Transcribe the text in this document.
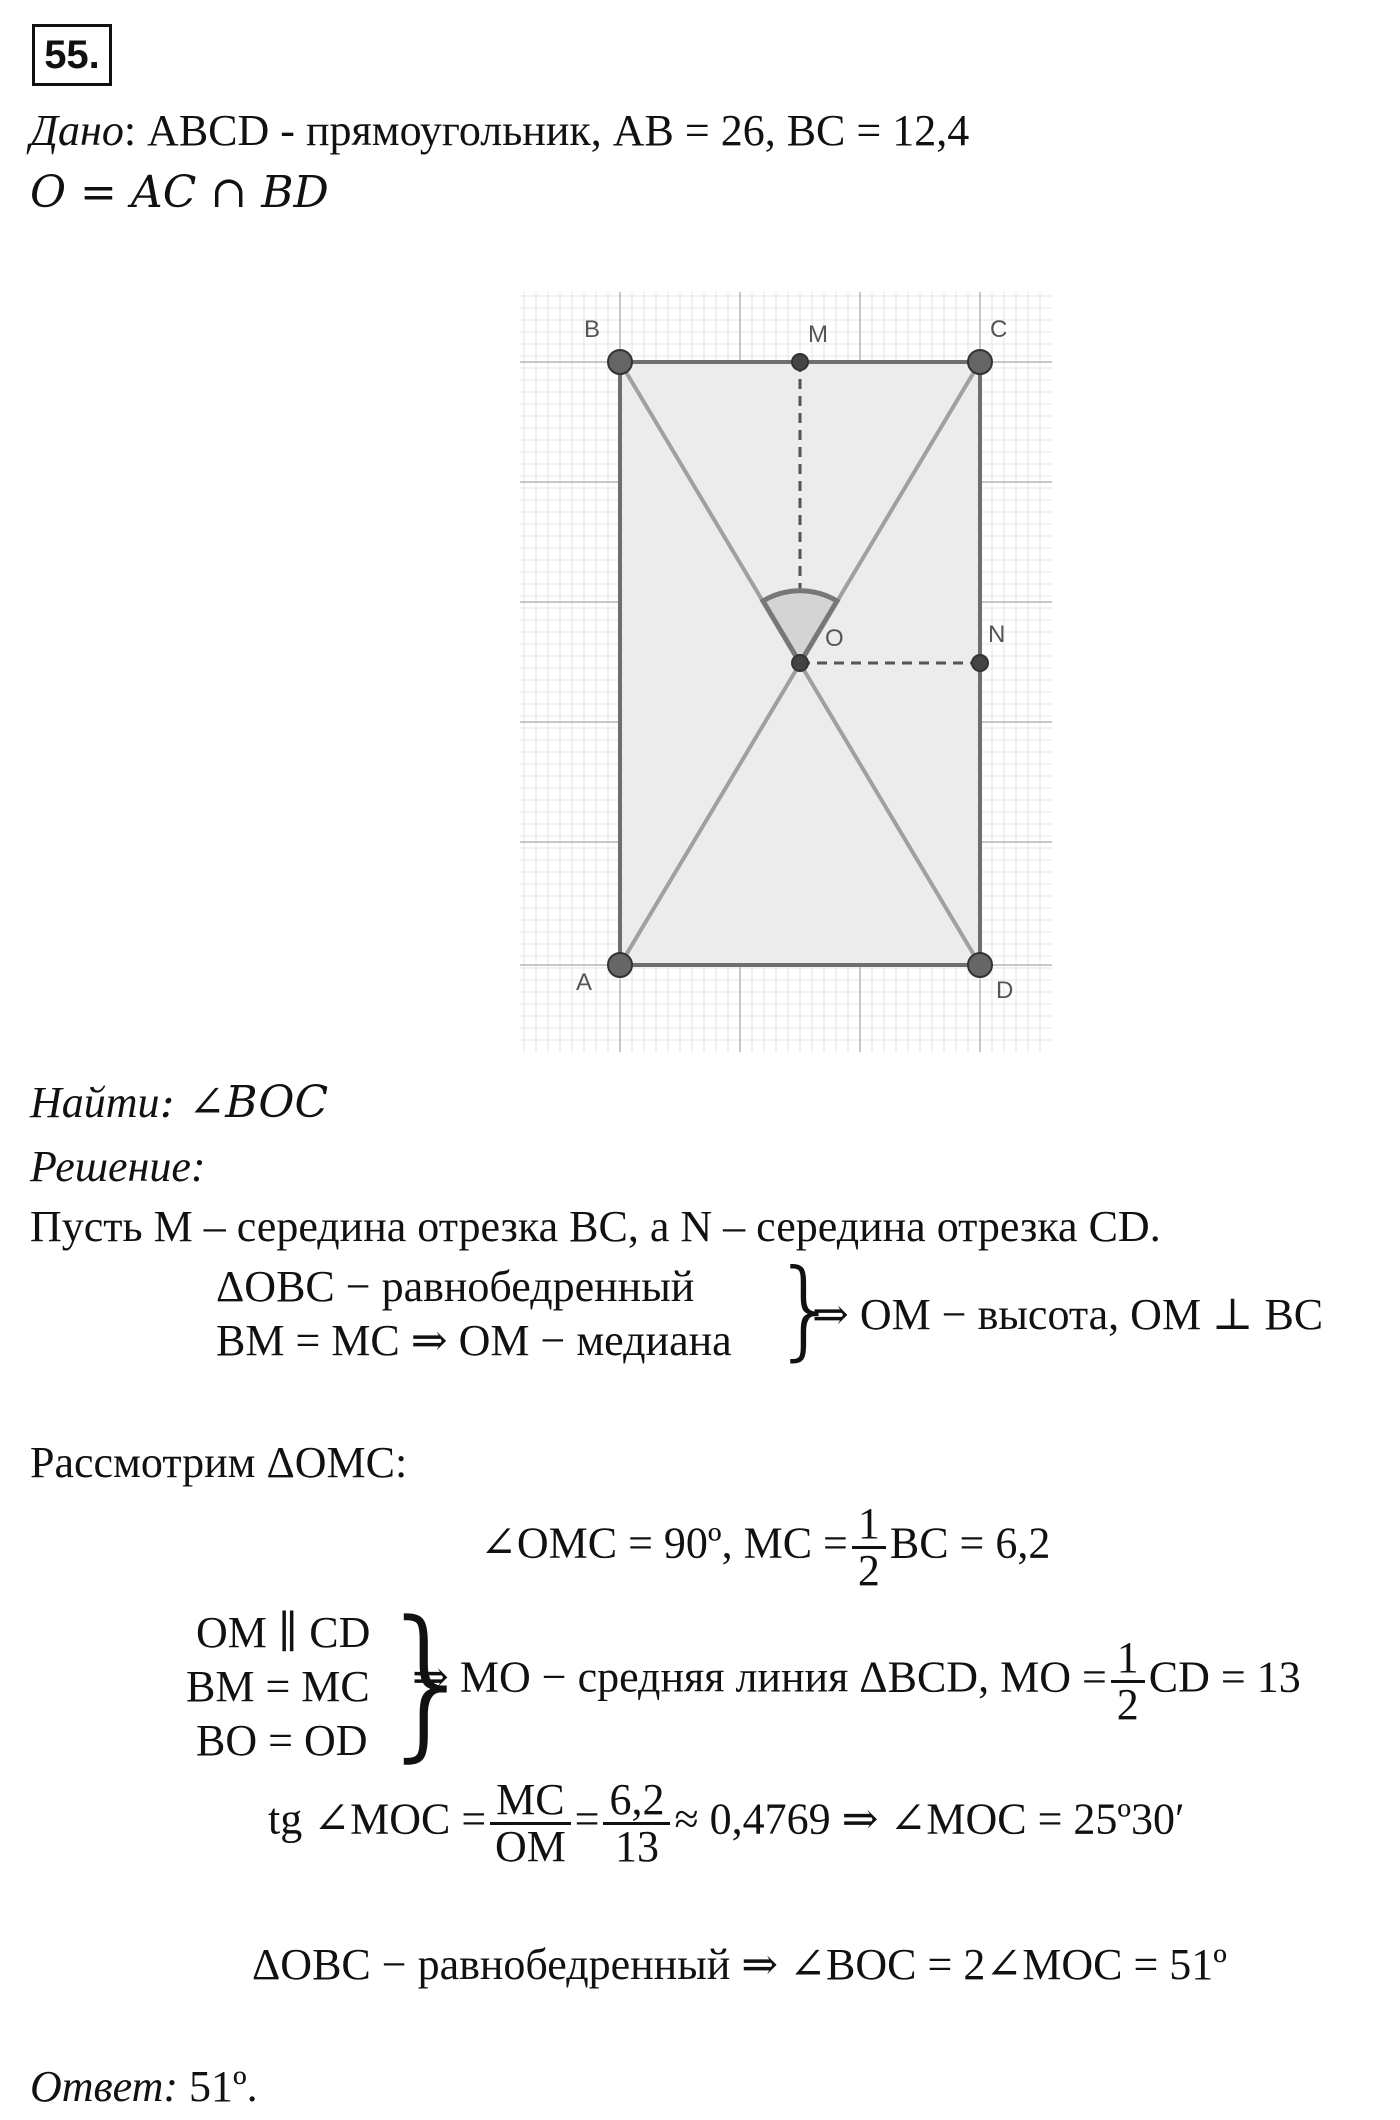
55.
Дано: ABCD - прямоугольник, AB = 26, BC = 12,4
O = AC ∩ BD
B	M	C
O	N
A	D
Найти: ∠BOC
Решение:
Пусть M – середина отрезка BC, а N – середина отрезка CD.
ΔOBC − равнобедренный
BM = MC ⇒ OM − медиана }
⇒ OM − высота, OM ⊥ BC
Рассмотрим ΔOMC:
∠OMC = 90º, MC = $\frac{1}{2}$ BC = 6,2
OM ∥ CD
BM = MC
BO = OD }
⇒ MO − средняя линия ΔBCD, MO = $\frac{1}{2}$ CD = 13
tg ∠MOC = $\frac{MC}{OM} = \frac{6,2}{13} \approx 0,4769$ ⇒ ∠MOC = 25º30′
ΔOBC − равнобедренный ⇒ ∠BOC = 2∠MOC = 51º
Ответ: 51º.
